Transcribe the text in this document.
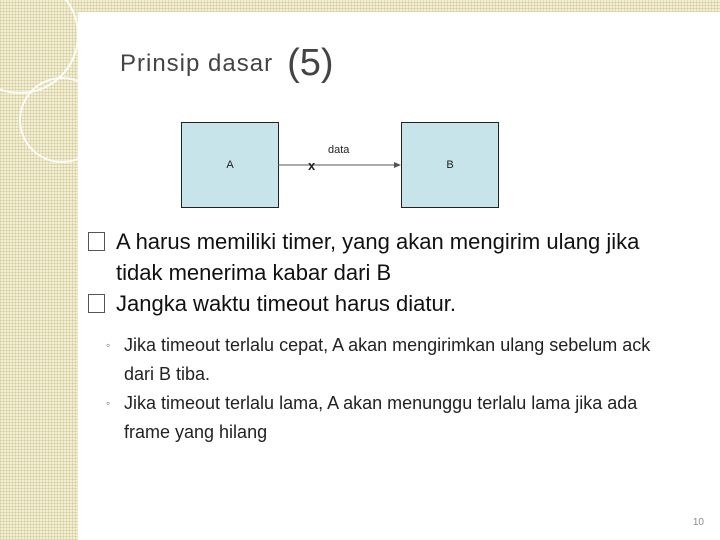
Prinsip dasar (5)
A
data
x	B
A harus memiliki timer, yang akan mengirim ulang jika tidak menerima kabar dari B
Jangka waktu timeout harus diatur.
◦ Jika timeout terlalu cepat, A akan mengirimkan ulang sebelum ack dari B tiba.
◦ Jika timeout terlalu lama, A akan menunggu terlalu lama jika ada frame yang hilang
10
